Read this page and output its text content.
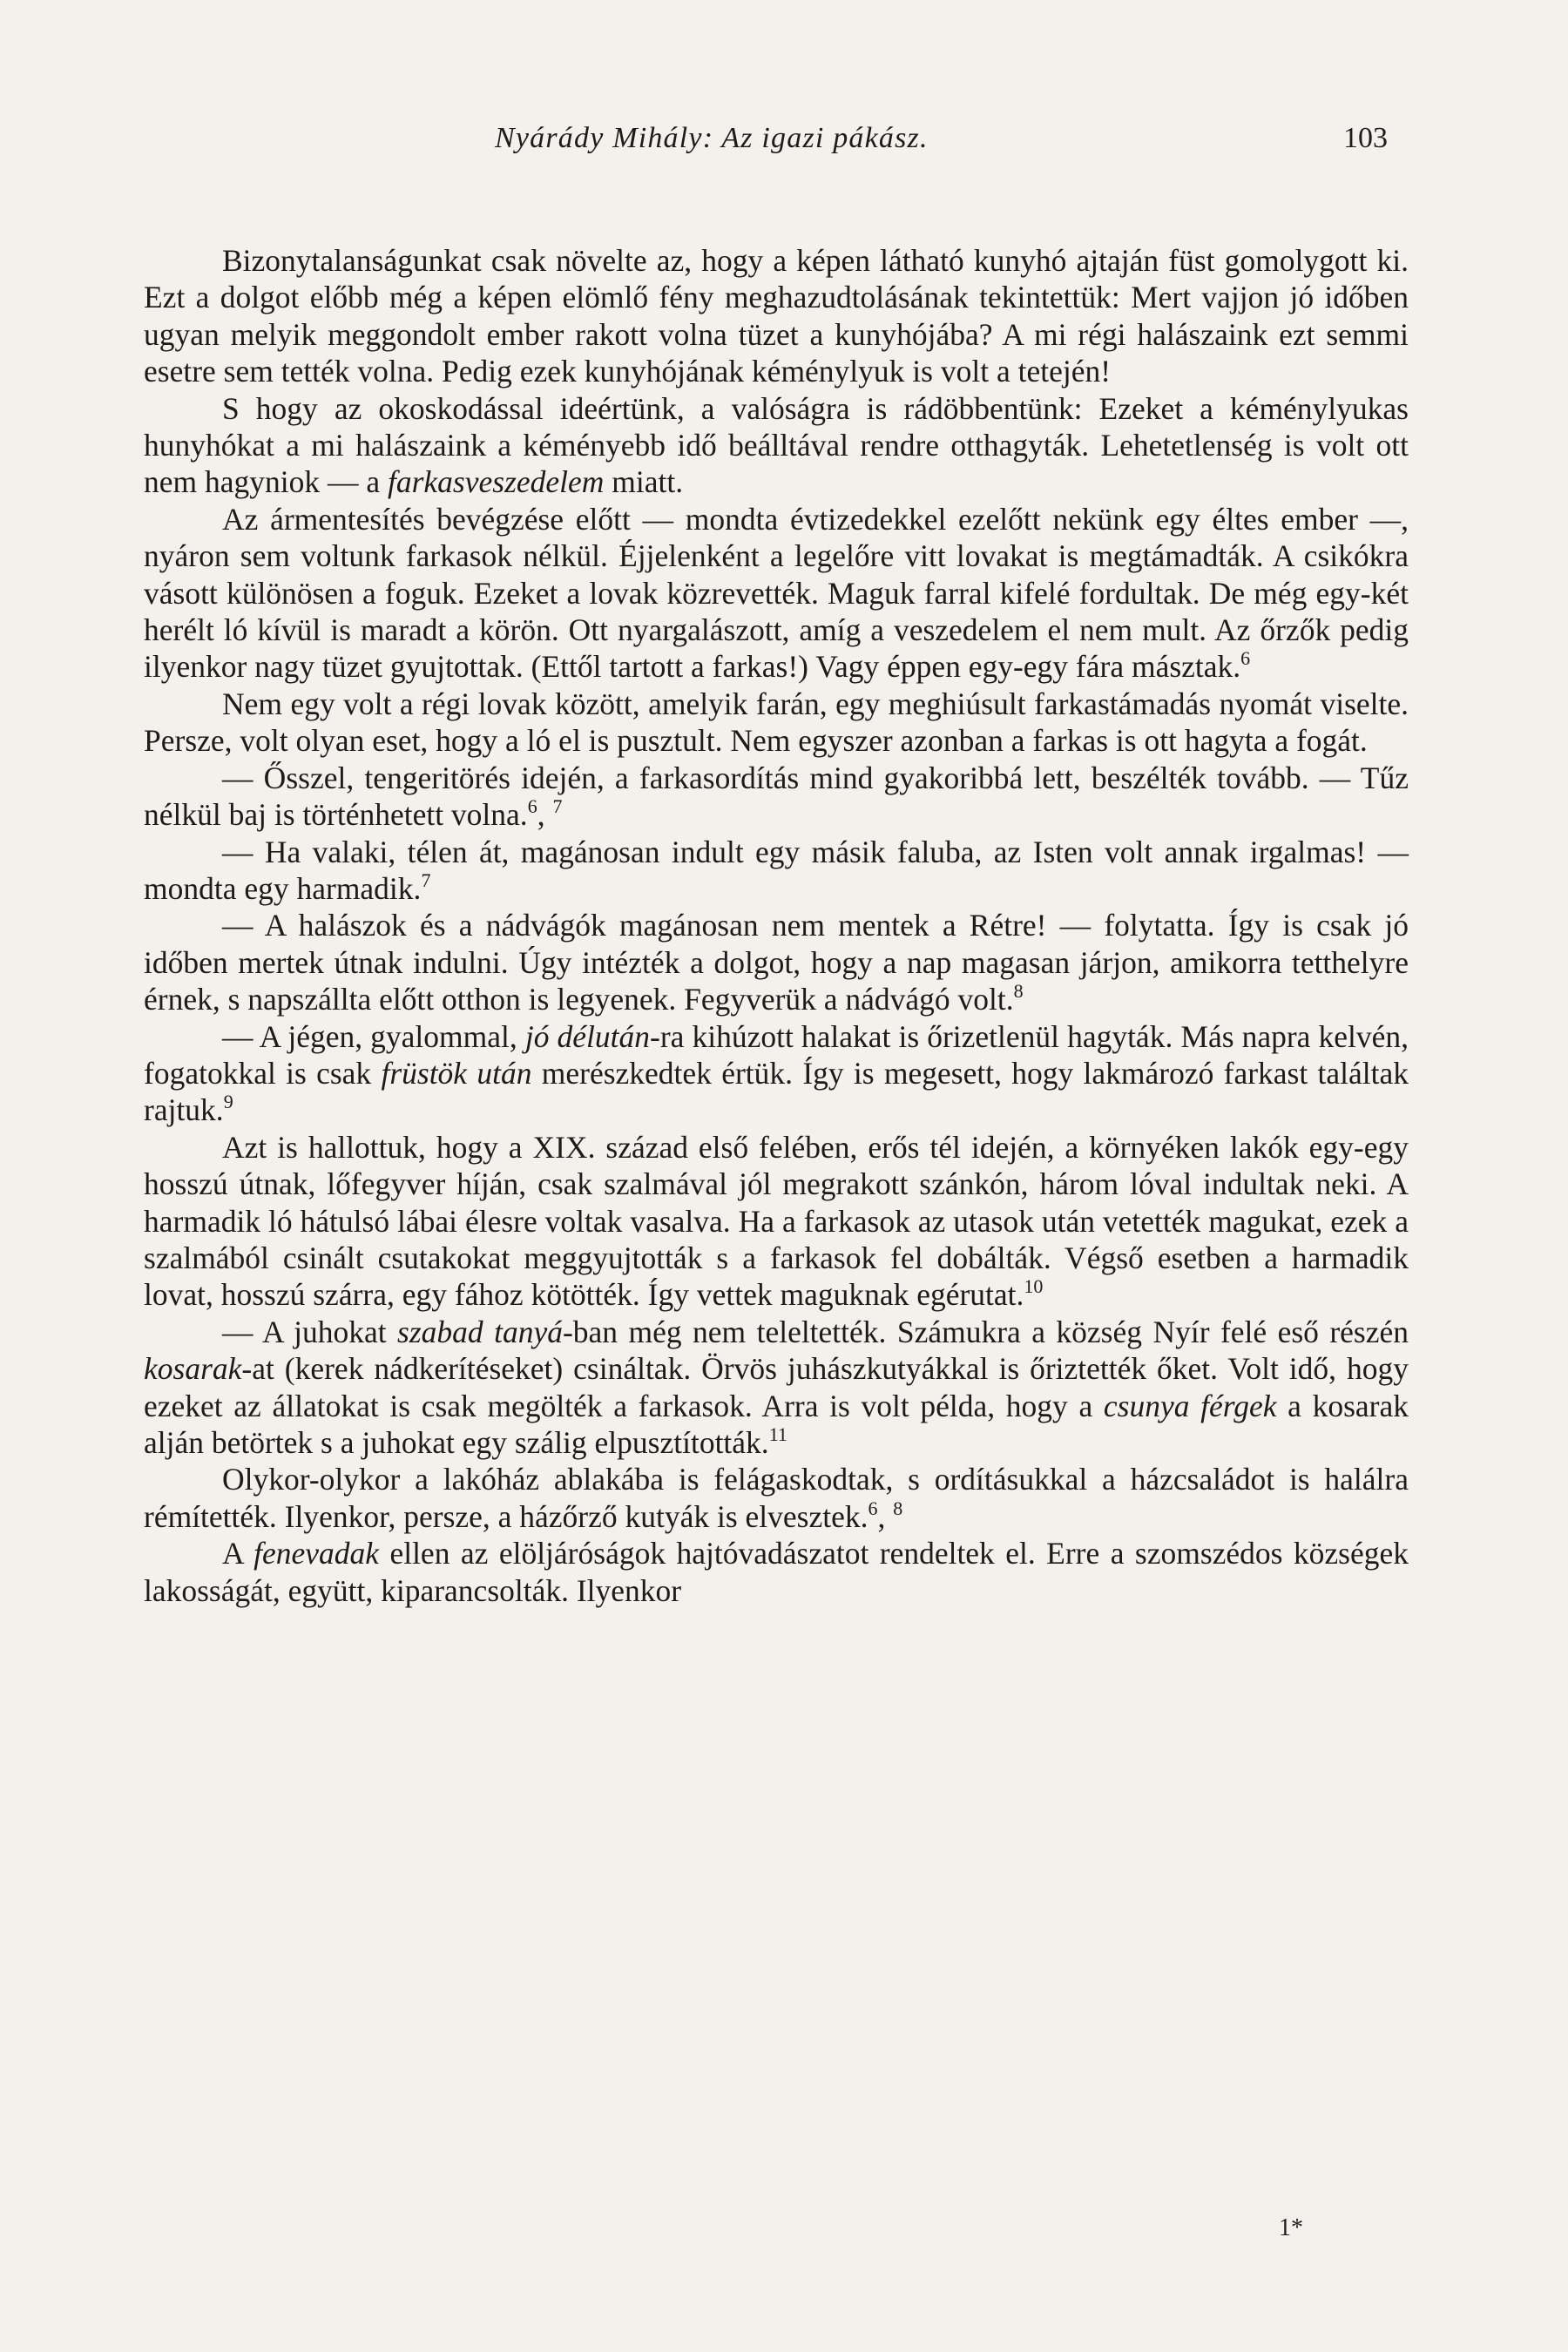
Nyárády Mihály: Az igazi pákász.	103

Bizonytalanságunkat csak növelte az, hogy a képen látható kunyhó ajtaján füst gomolygott ki. Ezt a dolgot előbb még a képen elömlő fény meghazudtolásának tekintettük: Mert vajjon jó időben ugyan melyik meggondolt ember rakott volna tüzet a kunyhójába? A mi régi halászaink ezt semmi esetre sem tették volna. Pedig ezek kunyhójának kéménylyuk is volt a tetején!

S hogy az okoskodással ideértünk, a valóságra is rádöbbentünk: Ezeket a kéménylyukas hunyhókat a mi halászaink a kéményebb idő beálltával rendre otthagyták. Lehetetlenség is volt ott nem hagyniok — a farkasveszedelem miatt.

Az ármentesítés bevégzése előtt — mondta évtizedekkel ezelőtt nekünk egy éltes ember —, nyáron sem voltunk farkasok nélkül. Éjjelenként a legelőre vitt lovakat is megtámadták. A csikókra vásott különösen a foguk. Ezeket a lovak közrevették. Maguk farral kifelé fordultak. De még egy-két herélt ló kívül is maradt a körön. Ott nyargalászott, amíg a veszedelem el nem mult. Az őrzők pedig ilyenkor nagy tüzet gyujtottak. (Ettől tartott a farkas!) Vagy éppen egy-egy fára másztak.$^6$

Nem egy volt a régi lovak között, amelyik farán, egy meghiúsult farkastámadás nyomát viselte. Persze, volt olyan eset, hogy a ló el is pusztult. Nem egyszer azonban a farkas is ott hagyta a fogát.

— Ősszel, tengeritörés idején, a farkasordítás mind gyakoribbá lett, beszélték tovább. — Tűz nélkül baj is történhetett volna.$^6$, $^7$

— Ha valaki, télen át, magánosan indult egy másik faluba, az Isten volt annak irgalmas! — mondta egy harmadik.$^7$

— A halászok és a nádvágók magánosan nem mentek a Rétre! — folytatta. Így is csak jó időben mertek útnak indulni. Úgy intézték a dolgot, hogy a nap magasan járjon, amikorra tetthelyre érnek, s napszállta előtt otthon is legyenek. Fegyverük a nádvágó volt.$^8$

— A jégen, gyalommal, jó délután-ra kihúzott halakat is őrizetlenül hagyták. Más napra kelvén, fogatokkal is csak früstök után merészkedtek értük. Így is megesett, hogy lakmározó farkast találtak rajtuk.$^9$

Azt is hallottuk, hogy a XIX. század első felében, erős tél idején, a környéken lakók egy-egy hosszú útnak, lőfegyver híján, csak szalmával jól megrakott szánkón, három lóval indultak neki. A harmadik ló hátulsó lábai élesre voltak vasalva. Ha a farkasok az utasok után vetették magukat, ezek a szalmából csinált csutakokat meggyujtották s a farkasok fel dobálták. Végső esetben a harmadik lovat, hosszú szárra, egy fához kötötték. Így vettek maguknak egérutat.$^{10}$

— A juhokat szabad tanyá-ban még nem teleltették. Számukra a község Nyír felé eső részén kosarak-at (kerek nádkerítéseket) csináltak. Örvös juhászkutyákkal is őriztették őket. Volt idő, hogy ezeket az állatokat is csak megölték a farkasok. Arra is volt példa, hogy a csunya férgek a kosarak alján betörtek s a juhokat egy szálig elpusztították.$^{11}$

Olykor-olykor a lakóház ablakába is felágaskodtak, s ordításukkal a házcsaládot is halálra rémítették. Ilyenkor, persze, a házőrző kutyák is elvesztek.$^6$, $^8$

A fenevadak ellen az elöljáróságok hajtóvadászatot rendeltek el. Erre a szomszédos községek lakosságát, együtt, kiparancsolták. Ilyenkor

1*
